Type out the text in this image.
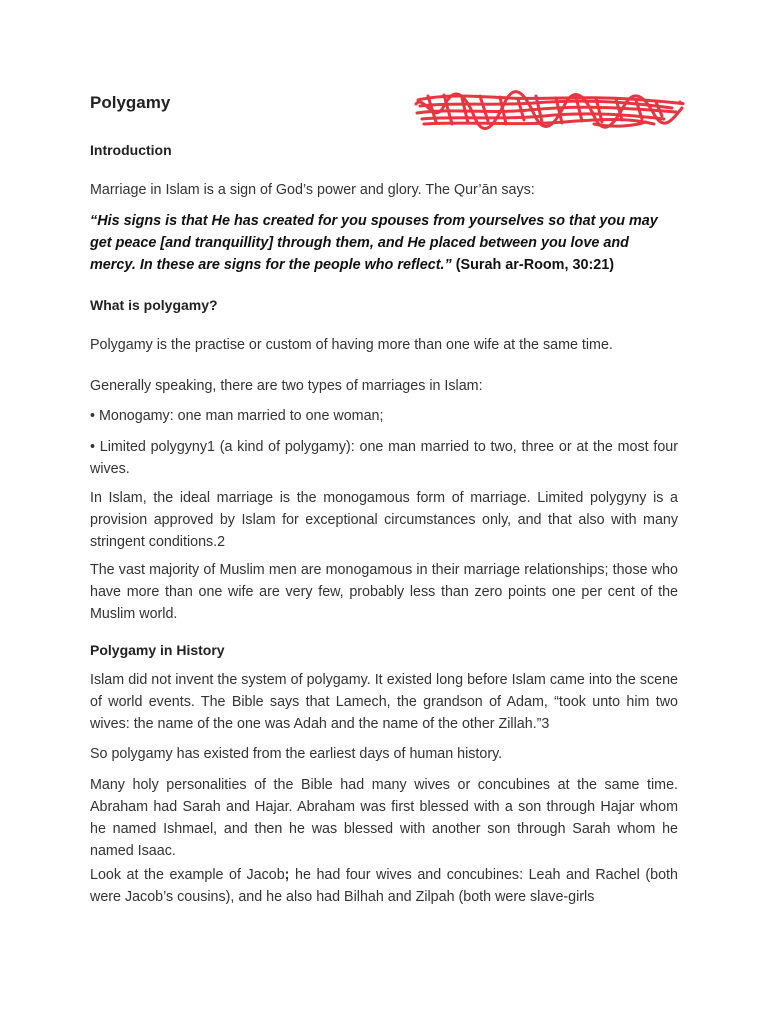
Polygamy
Introduction

Marriage in Islam is a sign of God’s power and glory. The Qur’ān says:

“His signs is that He has created for you spouses from yourselves so that you may get peace [and tranquillity] through them, and He placed between you love and mercy. In these are signs for the people who reflect.” (Surah ar-Room, 30:21)

What is polygamy?

Polygamy is the practise or custom of having more than one wife at the same time.

Generally speaking, there are two types of marriages in Islam:

• Monogamy: one man married to one woman;

• Limited polygyny1 (a kind of polygamy): one man married to two, three or at the most four wives.

In Islam, the ideal marriage is the monogamous form of marriage. Limited polygyny is a provision approved by Islam for exceptional circumstances only, and that also with many stringent conditions.2

The vast majority of Muslim men are monogamous in their marriage relationships; those who have more than one wife are very few, probably less than zero points one per cent of the Muslim world.

Polygamy in History

Islam did not invent the system of polygamy. It existed long before Islam came into the scene of world events. The Bible says that Lamech, the grandson of Adam, “took unto him two wives: the name of the one was Adah and the name of the other Zillah.”3

So polygamy has existed from the earliest days of human history.

Many holy personalities of the Bible had many wives or concubines at the same time. Abraham had Sarah and Hajar. Abraham was first blessed with a son through Hajar whom he named Ishmael, and then he was blessed with another son through Sarah whom he named Isaac.

Look at the example of Jacob; he had four wives and concubines: Leah and Rachel (both were Jacob’s cousins), and he also had Bilhah and Zilpah (both were slave-girls
